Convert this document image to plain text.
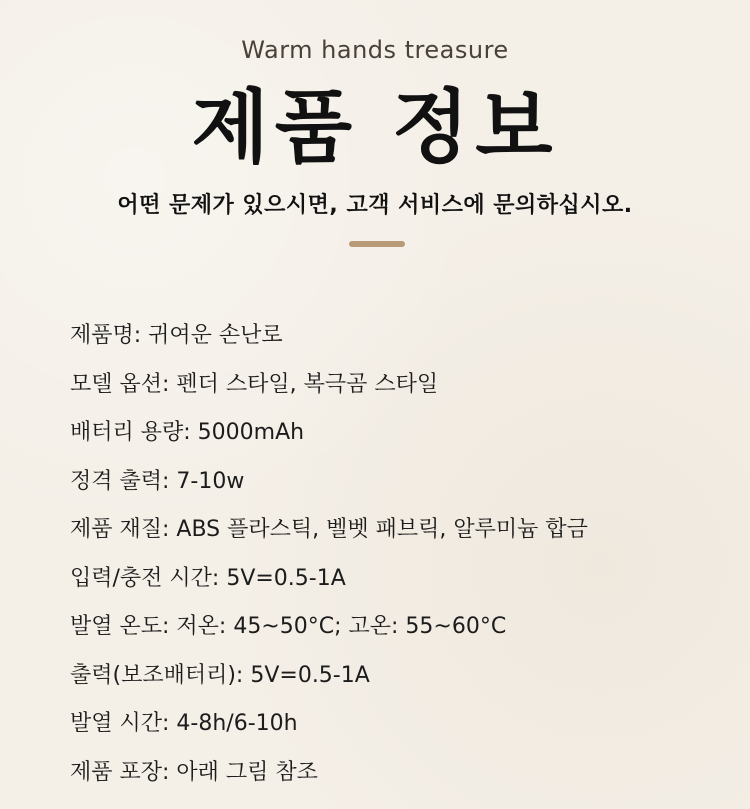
Warm hands treasure
제품 정보
어떤 문제가 있으시면, 고객 서비스에 문의하십시오.
제품명: 귀여운 손난로
모델 옵션: 펜더 스타일, 복극곰 스타일
배터리 용량: 5000mAh
정격 출력: 7-10w
제품 재질: ABS 플라스틱, 벨벳 패브릭, 알루미늄 합금
입력/충전 시간: 5V=0.5-1A
발열 온도: 저온: 45~50°C; 고온: 55~60°C
출력(보조배터리): 5V=0.5-1A
발열 시간: 4-8h/6-10h
제품 포장: 아래 그림 참조
